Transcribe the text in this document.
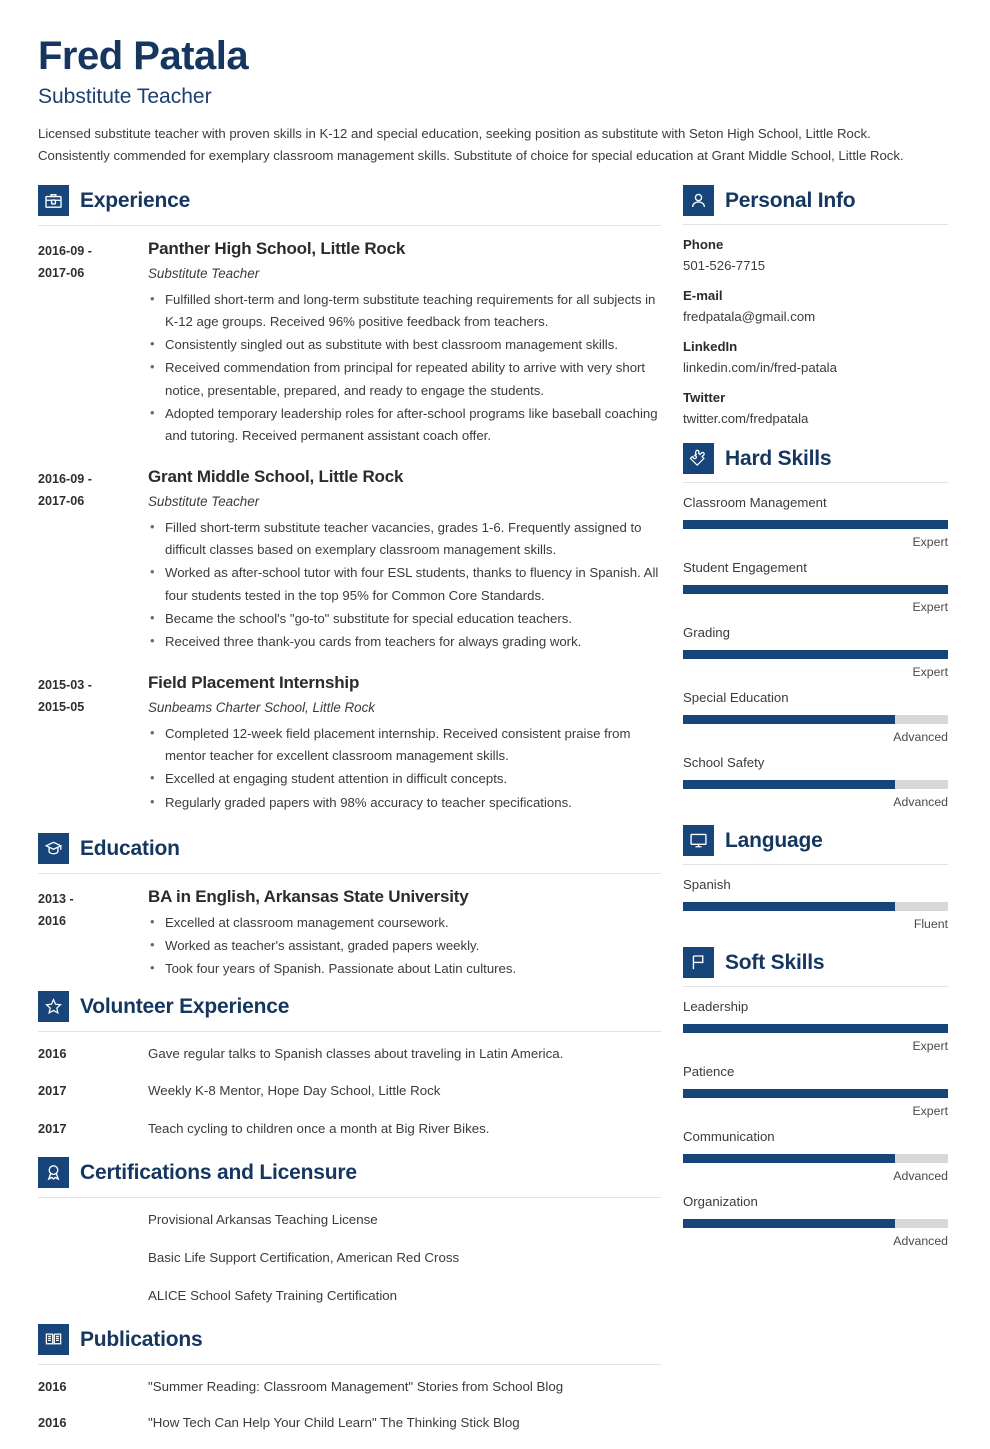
Fred Patala
Substitute Teacher

Licensed substitute teacher with proven skills in K-12 and special education, seeking position as substitute with Seton High School, Little Rock. Consistently commended for exemplary classroom management skills. Substitute of choice for special education at Grant Middle School, Little Rock.

Experience
2016-09 -
2017-06
Panther High School, Little Rock
Substitute Teacher
• Fulfilled short-term and long-term substitute teaching requirements for all subjects in K-12 age groups. Received 96% positive feedback from teachers.
• Consistently singled out as substitute with best classroom management skills.
• Received commendation from principal for repeated ability to arrive with very short notice, presentable, prepared, and ready to engage the students.
• Adopted temporary leadership roles for after-school programs like baseball coaching and tutoring. Received permanent assistant coach offer.
2016-09 -
2017-06
Grant Middle School, Little Rock
Substitute Teacher
• Filled short-term substitute teacher vacancies, grades 1-6. Frequently assigned to difficult classes based on exemplary classroom management skills.
• Worked as after-school tutor with four ESL students, thanks to fluency in Spanish. All four students tested in the top 95% for Common Core Standards.
• Became the school's "go-to" substitute for special education teachers.
• Received three thank-you cards from teachers for always grading work.
2015-03 -
2015-05
Field Placement Internship
Sunbeams Charter School, Little Rock
• Completed 12-week field placement internship. Received consistent praise from mentor teacher for excellent classroom management skills.
• Excelled at engaging student attention in difficult concepts.
• Regularly graded papers with 98% accuracy to teacher specifications.
Education
2013 -
2016
BA in English, Arkansas State University
• Excelled at classroom management coursework.
• Worked as teacher's assistant, graded papers weekly.
• Took four years of Spanish. Passionate about Latin cultures.
Volunteer Experience
2016	Gave regular talks to Spanish classes about traveling in Latin America.
2017	Weekly K-8 Mentor, Hope Day School, Little Rock
2017	Teach cycling to children once a month at Big River Bikes.
Certifications and Licensure
Provisional Arkansas Teaching License
Basic Life Support Certification, American Red Cross
ALICE School Safety Training Certification
Publications
2016	"Summer Reading: Classroom Management" Stories from School Blog
2016	"How Tech Can Help Your Child Learn" The Thinking Stick Blog
Personal Info
Phone
501-526-7715
E-mail
fredpatala@gmail.com
LinkedIn
linkedin.com/in/fred-patala
Twitter
twitter.com/fredpatala
Hard Skills
Classroom Management
Expert
Student Engagement
Expert
Grading
Expert
Special Education
Advanced
School Safety
Advanced
Language
Spanish
Fluent
Soft Skills
Leadership
Expert
Patience
Expert
Communication
Advanced
Organization
Advanced
